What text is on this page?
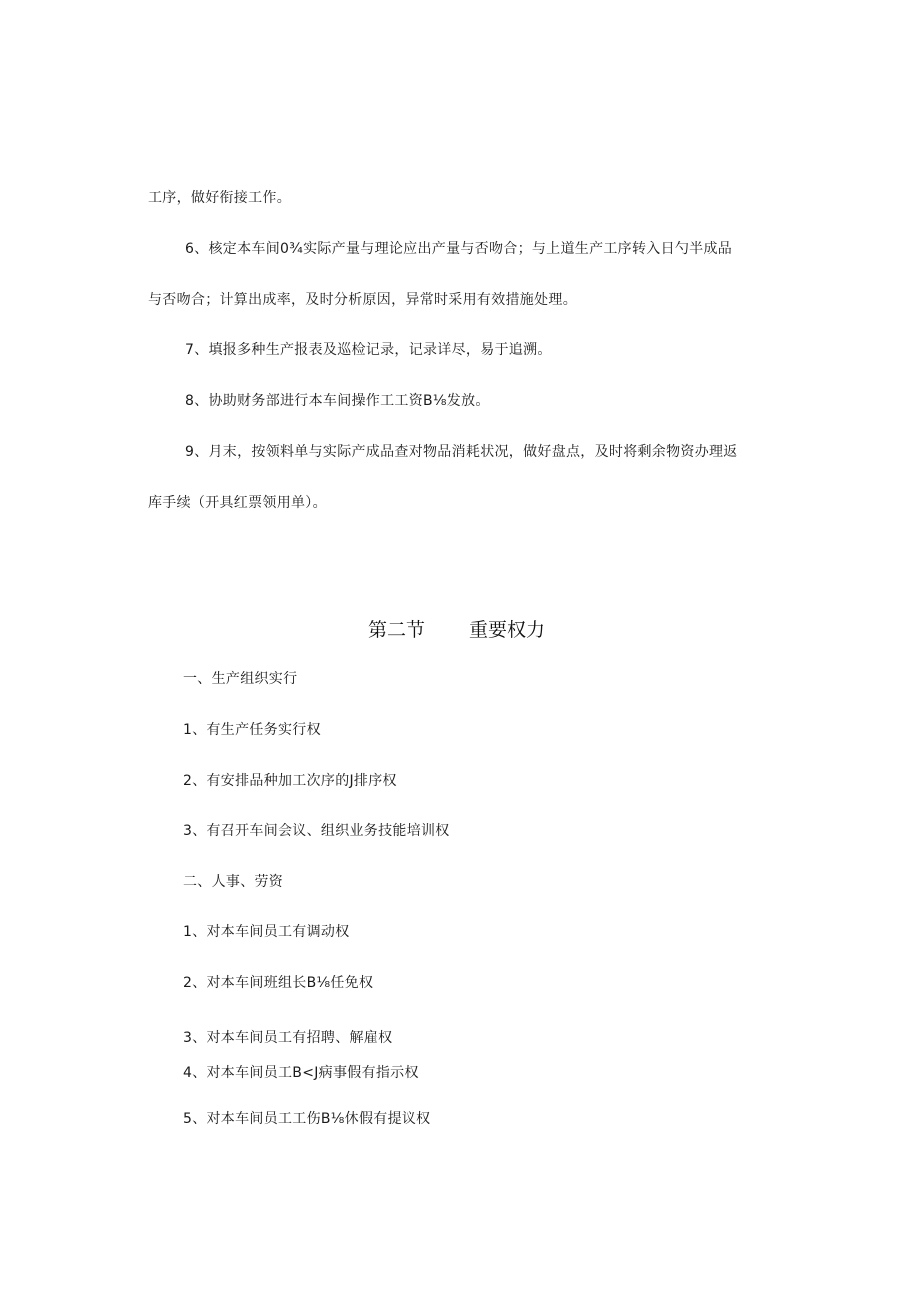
工序，做好衔接工作。

6、核定本车间0¾实际产量与理论应出产量与否吻合；与上道生产工序转入日勺半成品

与否吻合；计算出成率，及时分析原因，异常时采用有效措施处理。

7、填报多种生产报表及巡检记录，记录详尽，易于追溯。

8、协助财务部进行本车间操作工工资B⅛发放。

9、月末，按领料单与实际产成品查对物品消耗状况，做好盘点，及时将剩余物资办理返

库手续（开具红票领用单）。

第二节 重要权力

一、生产组织实行

1、有生产任务实行权

2、有安排品种加工次序的J排序权

3、有召开车间会议、组织业务技能培训权

二、人事、劳资

1、对本车间员工有调动权

2、对本车间班组长B⅛任免权

3、对本车间员工有招聘、解雇权

4、对本车间员工B<J病事假有指示权

5、对本车间员工工伤B⅛休假有提议权
